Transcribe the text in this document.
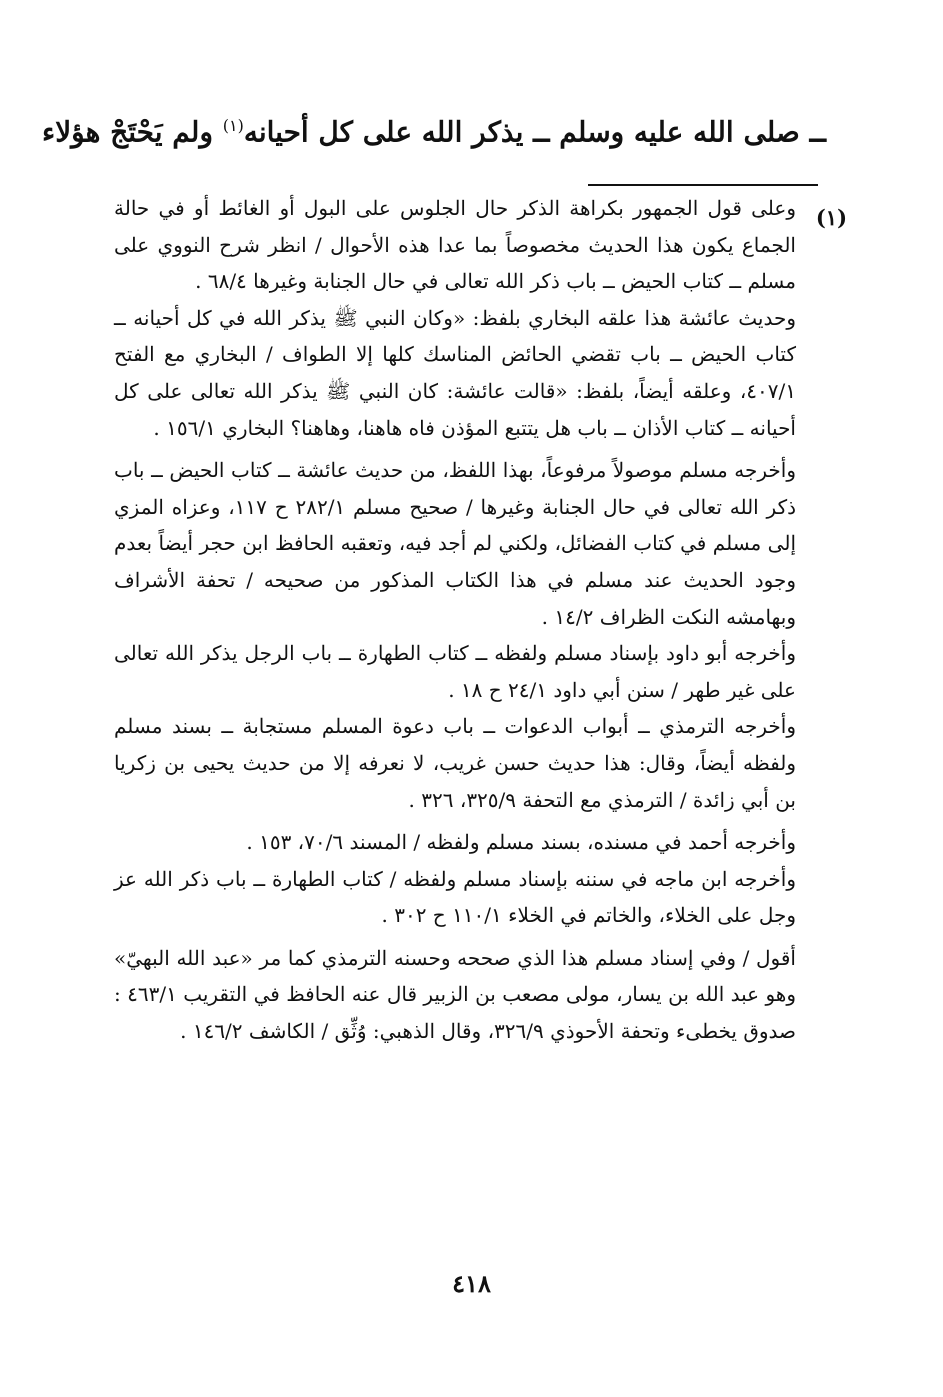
ــ صلى الله عليه وسلم ــ يذكر الله على كل أحيانه$^{(١)}$ ولم يَحْتَجْ هؤلاء
(١)
وعلى قول الجمهور بكراهة الذكر حال الجلوس على البول أو الغائط أو في حالة الجماع يكون هذا الحديث مخصوصاً بما عدا هذه الأحوال / انظر شرح النووي على مسلم ــ كتاب الحيض ــ باب ذكر الله تعالى في حال الجنابة وغيرها ٦٨/٤ .
وحديث عائشة هذا علقه البخاري بلفظ: «وكان النبي ﷺ يذكر الله في كل أحيانه ــ كتاب الحيض ــ باب تقضي الحائض المناسك كلها إلا الطواف / البخاري مع الفتح ٤٠٧/١، وعلقه أيضاً، بلفظ: «قالت عائشة: كان النبي ﷺ يذكر الله تعالى على كل أحيانه ــ كتاب الأذان ــ باب هل يتتبع المؤذن فاه هاهنا، وهاهنا؟ البخاري ١٥٦/١ .
وأخرجه مسلم موصولاً مرفوعاً، بهذا اللفظ، من حديث عائشة ــ كتاب الحيض ــ باب ذكر الله تعالى في حال الجنابة وغيرها / صحيح مسلم ٢٨٢/١ ح ١١٧، وعزاه المزي إلى مسلم في كتاب الفضائل، ولكني لم أجد فيه، وتعقبه الحافظ ابن حجر أيضاً بعدم وجود الحديث عند مسلم في هذا الكتاب المذكور من صحيحه / تحفة الأشراف وبهامشه النكت الظراف ١٤/٢ .
وأخرجه أبو داود بإسناد مسلم ولفظه ــ كتاب الطهارة ــ باب الرجل يذكر الله تعالى على غير طهر / سنن أبي داود ٢٤/١ ح ١٨ .
وأخرجه الترمذي ــ أبواب الدعوات ــ باب دعوة المسلم مستجابة ــ بسند مسلم ولفظه أيضاً، وقال: هذا حديث حسن غريب، لا نعرفه إلا من حديث يحيى بن زكريا بن أبي زائدة / الترمذي مع التحفة ٣٢٥/٩، ٣٢٦ .
وأخرجه أحمد في مسنده، بسند مسلم ولفظه / المسند ٧٠/٦، ١٥٣ .
وأخرجه ابن ماجه في سننه بإسناد مسلم ولفظه / كتاب الطهارة ــ باب ذكر الله عز وجل على الخلاء، والخاتم في الخلاء ١١٠/١ ح ٣٠٢ .
أقول / وفي إسناد مسلم هذا الذي صححه وحسنه الترمذي كما مر «عبد الله البهيّ» وهو عبد الله بن يسار، مولى مصعب بن الزبير قال عنه الحافظ في التقريب ٤٦٣/١ : صدوق يخطىء وتحفة الأحوذي ٣٢٦/٩، وقال الذهبي: وُثِّق / الكاشف ١٤٦/٢ .
٤١٨
